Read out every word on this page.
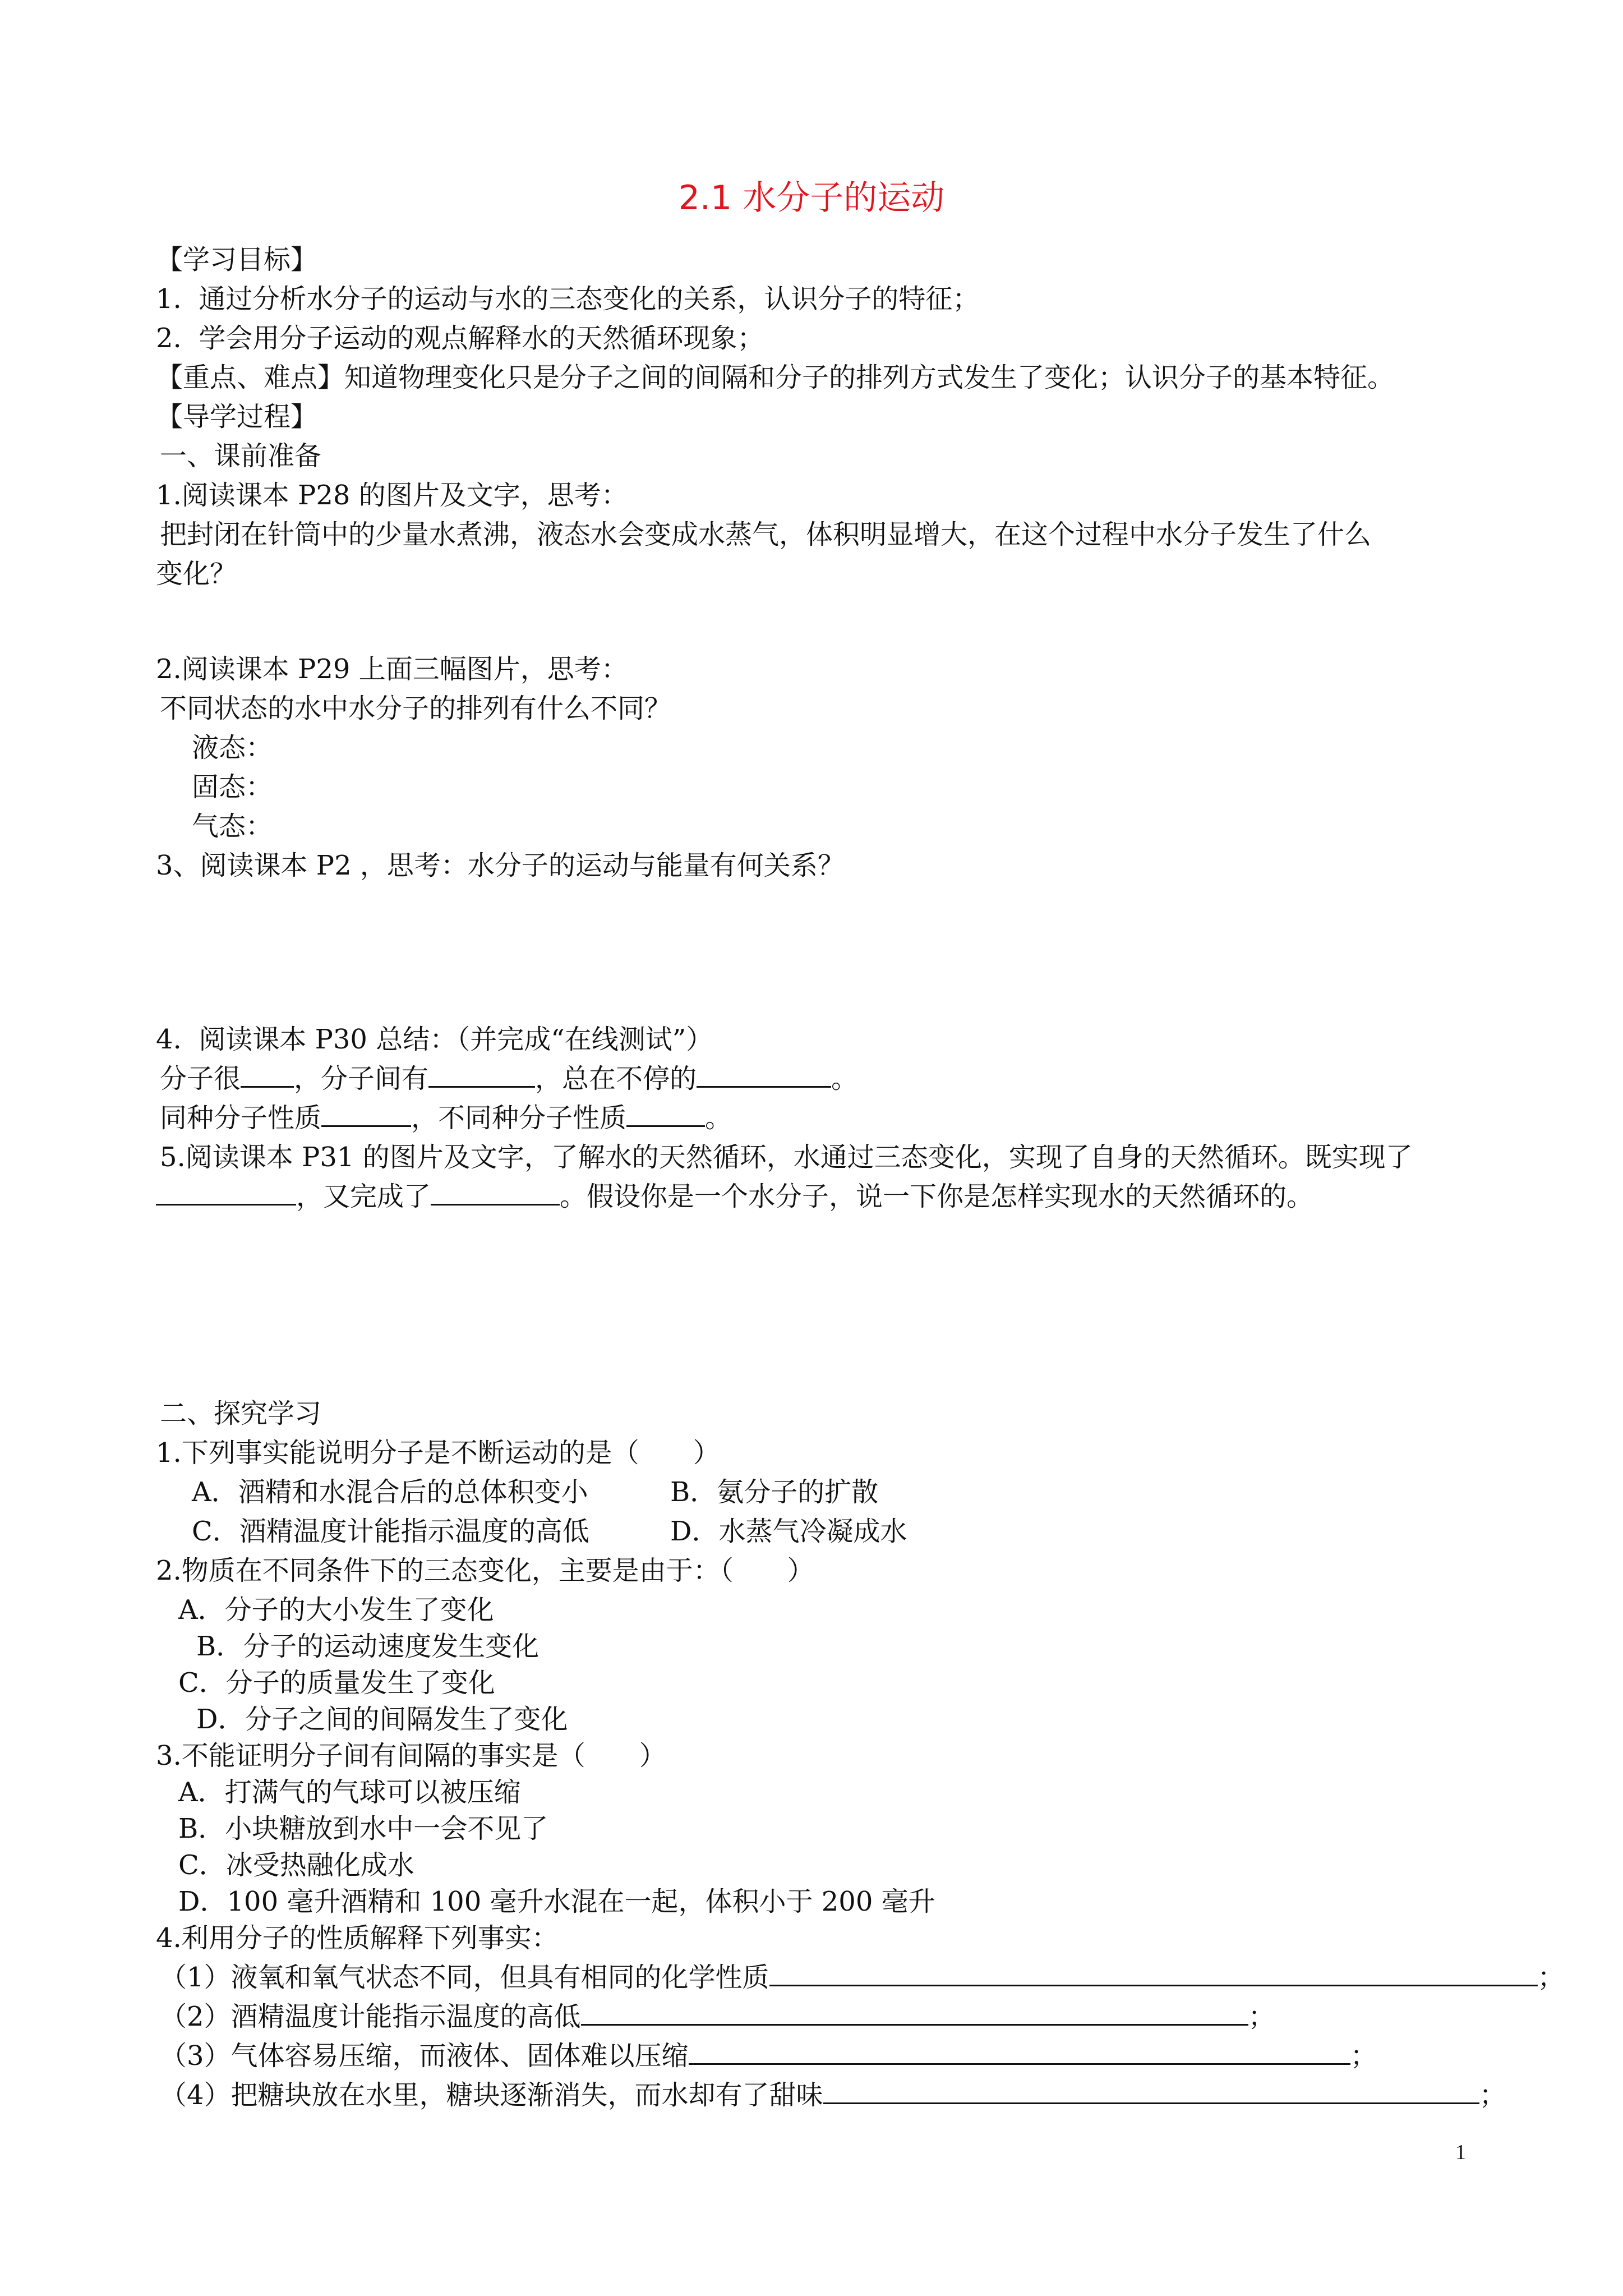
2.1 水分子的运动
【学习目标】
1.  通过分析水分子的运动与水的三态变化的关系，认识分子的特征；
2.  学会用分子运动的观点解释水的天然循环现象；
【重点、难点】知道物理变化只是分子之间的间隔和分子的排列方式发生了变化；认识分子的基本特征。
【导学过程】
一、课前准备
1.阅读课本 P28 的图片及文字，思考：
把封闭在针筒中的少量水煮沸，液态水会变成水蒸气，体积明显增大，在这个过程中水分子发生了什么
变化？
2.阅读课本 P29 上面三幅图片，思考：
不同状态的水中水分子的排列有什么不同？
液态：
固态：
气态：
3、阅读课本 P2 ，思考：水分子的运动与能量有何关系？
4.  阅读课本 P30 总结：（并完成“在线测试”）
分子很 ，分子间有	，总在不停的	。
同种分子性质	，不同种分子性质	。
5.阅读课本 P31 的图片及文字，了解水的天然循环，水通过三态变化，实现了自身的天然循环。既实现了
，又完成了	。假设你是一个水分子，说一下你是怎样实现水的天然循环的。
二、探究学习
1.下列事实能说明分子是不断运动的是（　　）
A．酒精和水混合后的总体积变小	B．氨分子的扩散
C．酒精温度计能指示温度的高低	D．水蒸气冷凝成水
2.物质在不同条件下的三态变化，主要是由于：（　　）
A．分子的大小发生了变化
B．分子的运动速度发生变化
C．分子的质量发生了变化
D．分子之间的间隔发生了变化
3.不能证明分子间有间隔的事实是（　　）
A．打满气的气球可以被压缩
B．小块糖放到水中一会不见了
C．冰受热融化成水
D．100 毫升酒精和 100 毫升水混在一起，体积小于 200 毫升
4.利用分子的性质解释下列事实：
（1）液氧和氧气状态不同，但具有相同的化学性质	；
（2）酒精温度计能指示温度的高低	；
（3）气体容易压缩，而液体、固体难以压缩	；
（4）把糖块放在水里，糖块逐渐消失，而水却有了甜味	；
1
